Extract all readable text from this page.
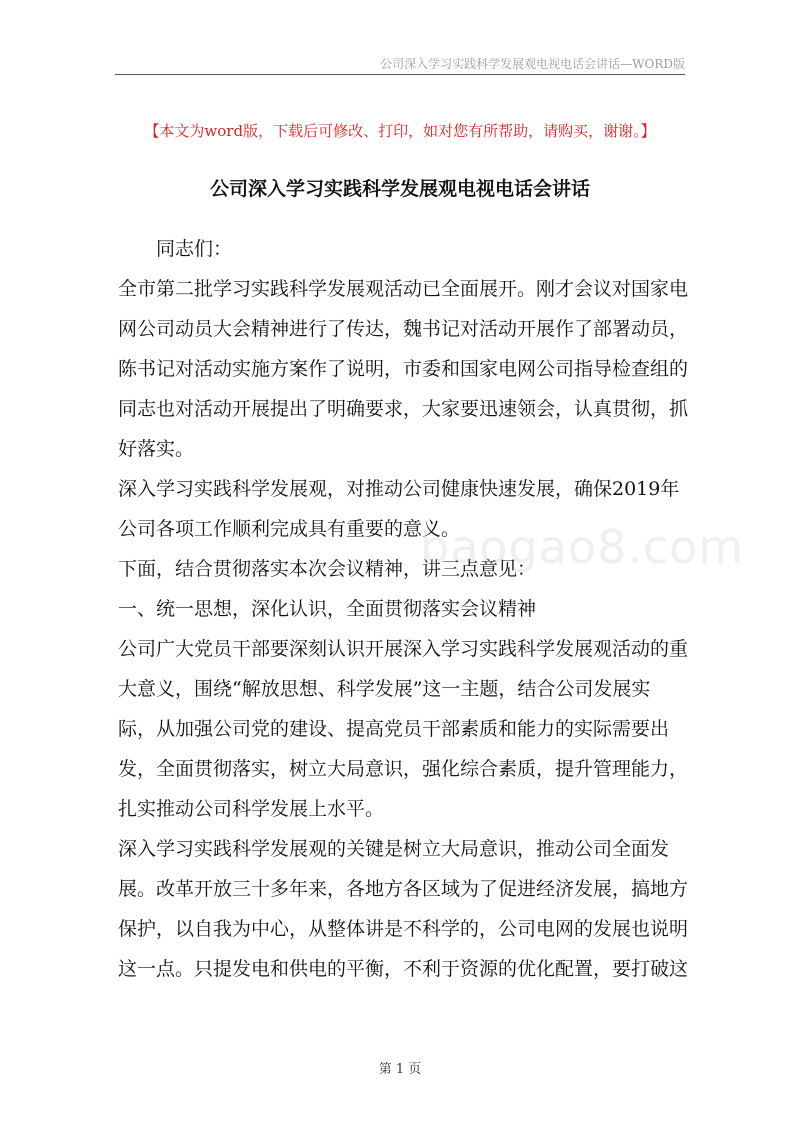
公司深入学习实践科学发展观电视电话会讲话—WORD版
【本文为word版，下载后可修改、打印，如对您有所帮助，请购买，谢谢。】
公司深入学习实践科学发展观电视电话会讲话

同志们：

全市第二批学习实践科学发展观活动已全面展开。刚才会议对国家电网公司动员大会精神进行了传达，魏书记对活动开展作了部署动员，陈书记对活动实施方案作了说明，市委和国家电网公司指导检查组的同志也对活动开展提出了明确要求，大家要迅速领会，认真贯彻，抓好落实。

深入学习实践科学发展观，对推动公司健康快速发展，确保2019年公司各项工作顺利完成具有重要的意义。

下面，结合贯彻落实本次会议精神，讲三点意见：

一、统一思想，深化认识，全面贯彻落实会议精神

公司广大党员干部要深刻认识开展深入学习实践科学发展观活动的重大意义，围绕“解放思想、科学发展”这一主题，结合公司发展实际，从加强公司党的建设、提高党员干部素质和能力的实际需要出发，全面贯彻落实，树立大局意识，强化综合素质，提升管理能力，扎实推动公司科学发展上水平。

深入学习实践科学发展观的关键是树立大局意识，推动公司全面发展。改革开放三十多年来，各地方各区域为了促进经济发展，搞地方保护，以自我为中心，从整体讲是不科学的，公司电网的发展也说明这一点。只提发电和供电的平衡，不利于资源的优化配置，要打破这

baogao8.com
第 1 页
